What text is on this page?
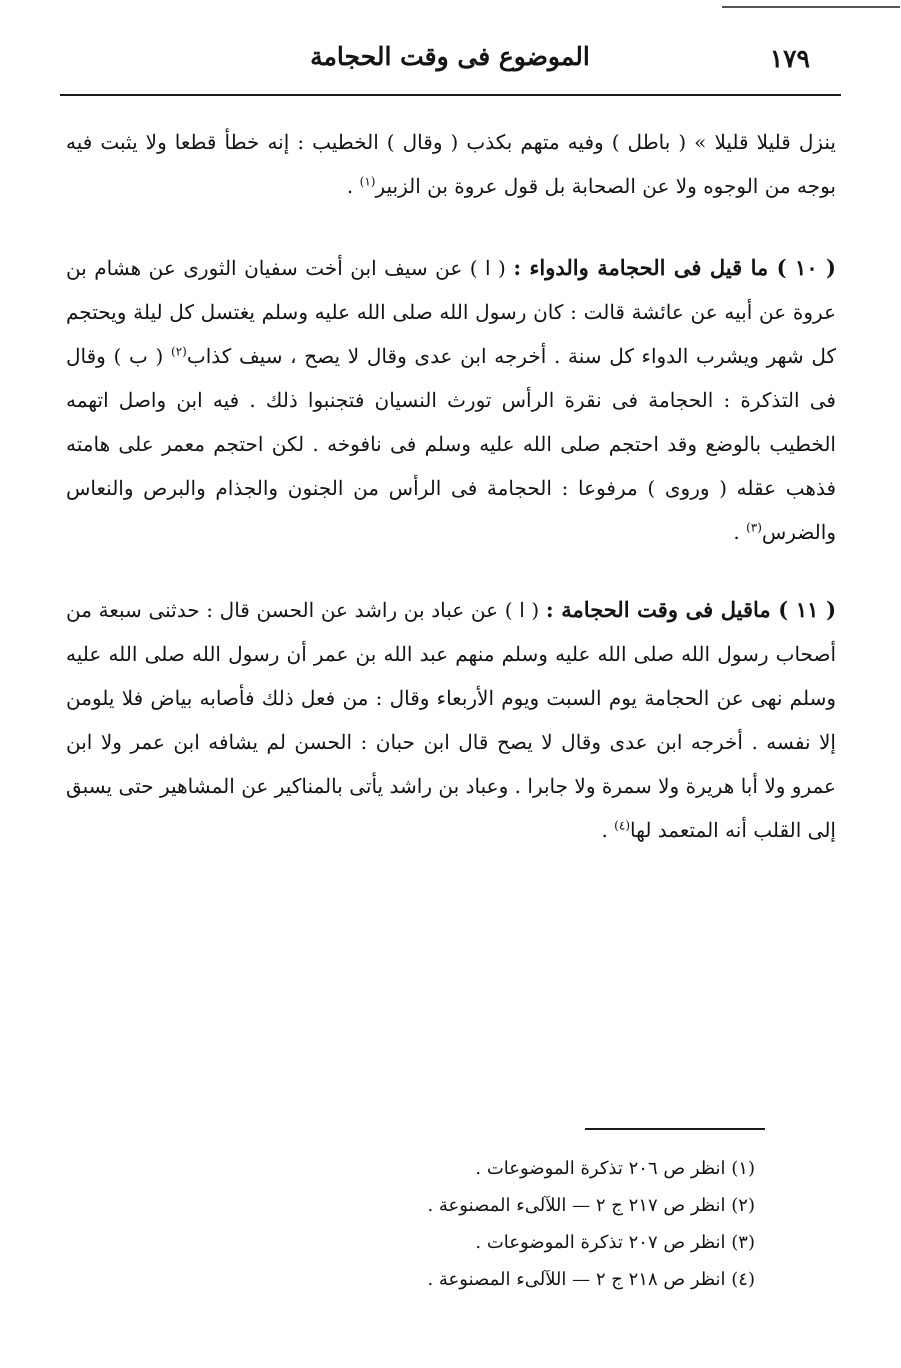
الموضوع فى وقت الحجامة	١٧٩

ينزل قليلا قليلا » ( باطل ) وفيه متهم بكذب ( وقال ) الخطيب : إنه خطأ قطعا ولا يثبت فيه بوجه من الوجوه ولا عن الصحابة بل قول عروة بن الزبير$^{(١)}$ .

( ١٠ ) ما قيل فى الحجامة والدواء : ( ا ) عن سيف ابن أخت سفيان الثورى عن هشام بن عروة عن أبيه عن عائشة قالت : كان رسول الله صلى الله عليه وسلم يغتسل كل ليلة ويحتجم كل شهر ويشرب الدواء كل سنة . أخرجه ابن عدى وقال لا يصح ، سيف كذاب$^{(٢)}$ ( ب ) وقال فى التذكرة : الحجامة فى نقرة الرأس تورث النسيان فتجنبوا ذلك . فيه ابن واصل اتهمه الخطيب بالوضع وقد احتجم صلى الله عليه وسلم فى نافوخه . لكن احتجم معمر على هامته فذهب عقله ( وروى ) مرفوعا : الحجامة فى الرأس من الجنون والجذام والبرص والنعاس والضرس$^{(٣)}$ .

( ١١ ) ماقيل فى وقت الحجامة : ( ا ) عن عباد بن راشد عن الحسن قال : حدثنى سبعة من أصحاب رسول الله صلى الله عليه وسلم منهم عبد الله بن عمر أن رسول الله صلى الله عليه وسلم نهى عن الحجامة يوم السبت ويوم الأربعاء وقال : من فعل ذلك فأصابه بياض فلا يلومن إلا نفسه . أخرجه ابن عدى وقال لا يصح قال ابن حبان : الحسن لم يشافه ابن عمر ولا ابن عمرو ولا أبا هريرة ولا سمرة ولا جابرا . وعباد بن راشد يأتى بالمناكير عن المشاهير حتى يسبق إلى القلب أنه المتعمد لها$^{(٤)}$ .

(١) انظر ص ٢٠٦ تذكرة الموضوعات .
(٢) انظر ص ٢١٧ ج ٢ — اللآلىء المصنوعة .
(٣) انظر ص ٢٠٧ تذكرة الموضوعات .
(٤) انظر ص ٢١٨ ج ٢ — اللآلىء المصنوعة .
